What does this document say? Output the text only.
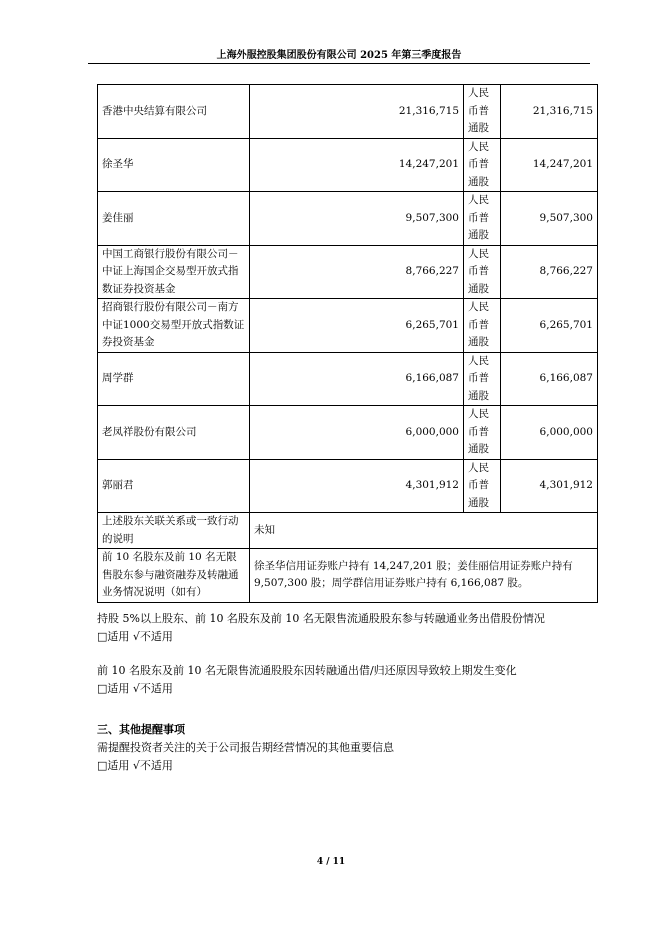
上海外服控股集团股份有限公司 2025 年第三季度报告
香港中央结算有限公司	21,316,715	人民币普通股	21,316,715
徐圣华	14,247,201	人民币普通股	14,247,201
姜佳丽	9,507,300	人民币普通股	9,507,300
中国工商银行股份有限公司－中证上海国企交易型开放式指数证券投资基金	8,766,227	人民币普通股	8,766,227
招商银行股份有限公司－南方中证1000交易型开放式指数证券投资基金	6,265,701	人民币普通股	6,265,701
周学群	6,166,087	人民币普通股	6,166,087
老凤祥股份有限公司	6,000,000	人民币普通股	6,000,000
郭丽君	4,301,912	人民币普通股	4,301,912
上述股东关联关系或一致行动的说明	未知		
前 10 名股东及前 10 名无限售股东参与融资融券及转融通业务情况说明（如有）	徐圣华信用证券账户持有 14,247,201 股；姜佳丽信用证券账户持有 9,507,300 股；周学群信用证券账户持有 6,166,087 股。		
持股 5%以上股东、前 10 名股东及前 10 名无限售流通股股东参与转融通业务出借股份情况
□适用 √不适用
前 10 名股东及前 10 名无限售流通股股东因转融通出借/归还原因导致较上期发生变化
□适用 √不适用
三、其他提醒事项
需提醒投资者关注的关于公司报告期经营情况的其他重要信息
□适用 √不适用
4 / 11
